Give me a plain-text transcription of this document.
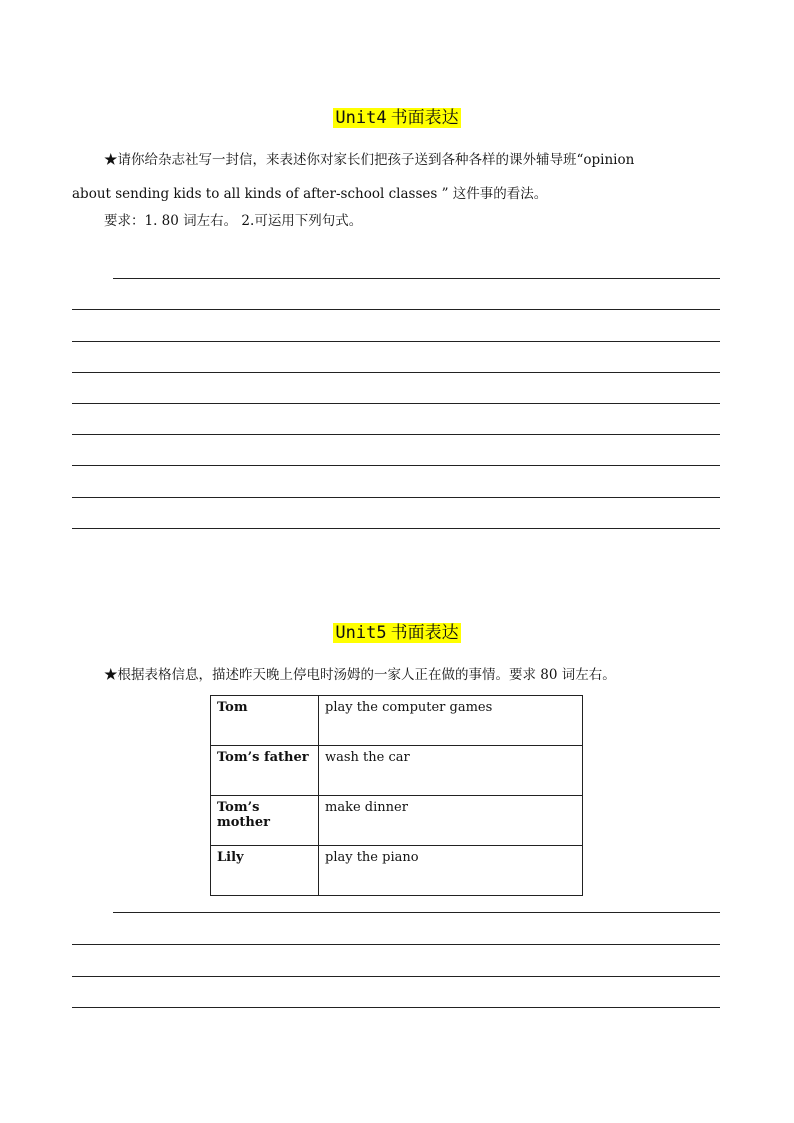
Unit4 书面表达
★请你给杂志社写一封信，来表述你对家长们把孩子送到各种各样的课外辅导班“opinion
about sending kids to all kinds of after-school classes ” 这件事的看法。
要求：1. 80 词左右。 2.可运用下列句式。
Unit5 书面表达
★根据表格信息，描述昨天晚上停电时汤姆的一家人正在做的事情。要求 80 词左右。
Tom	play the computer games
Tom’s father	wash the car
Tom’s mother	make dinner
Lily	play the piano
